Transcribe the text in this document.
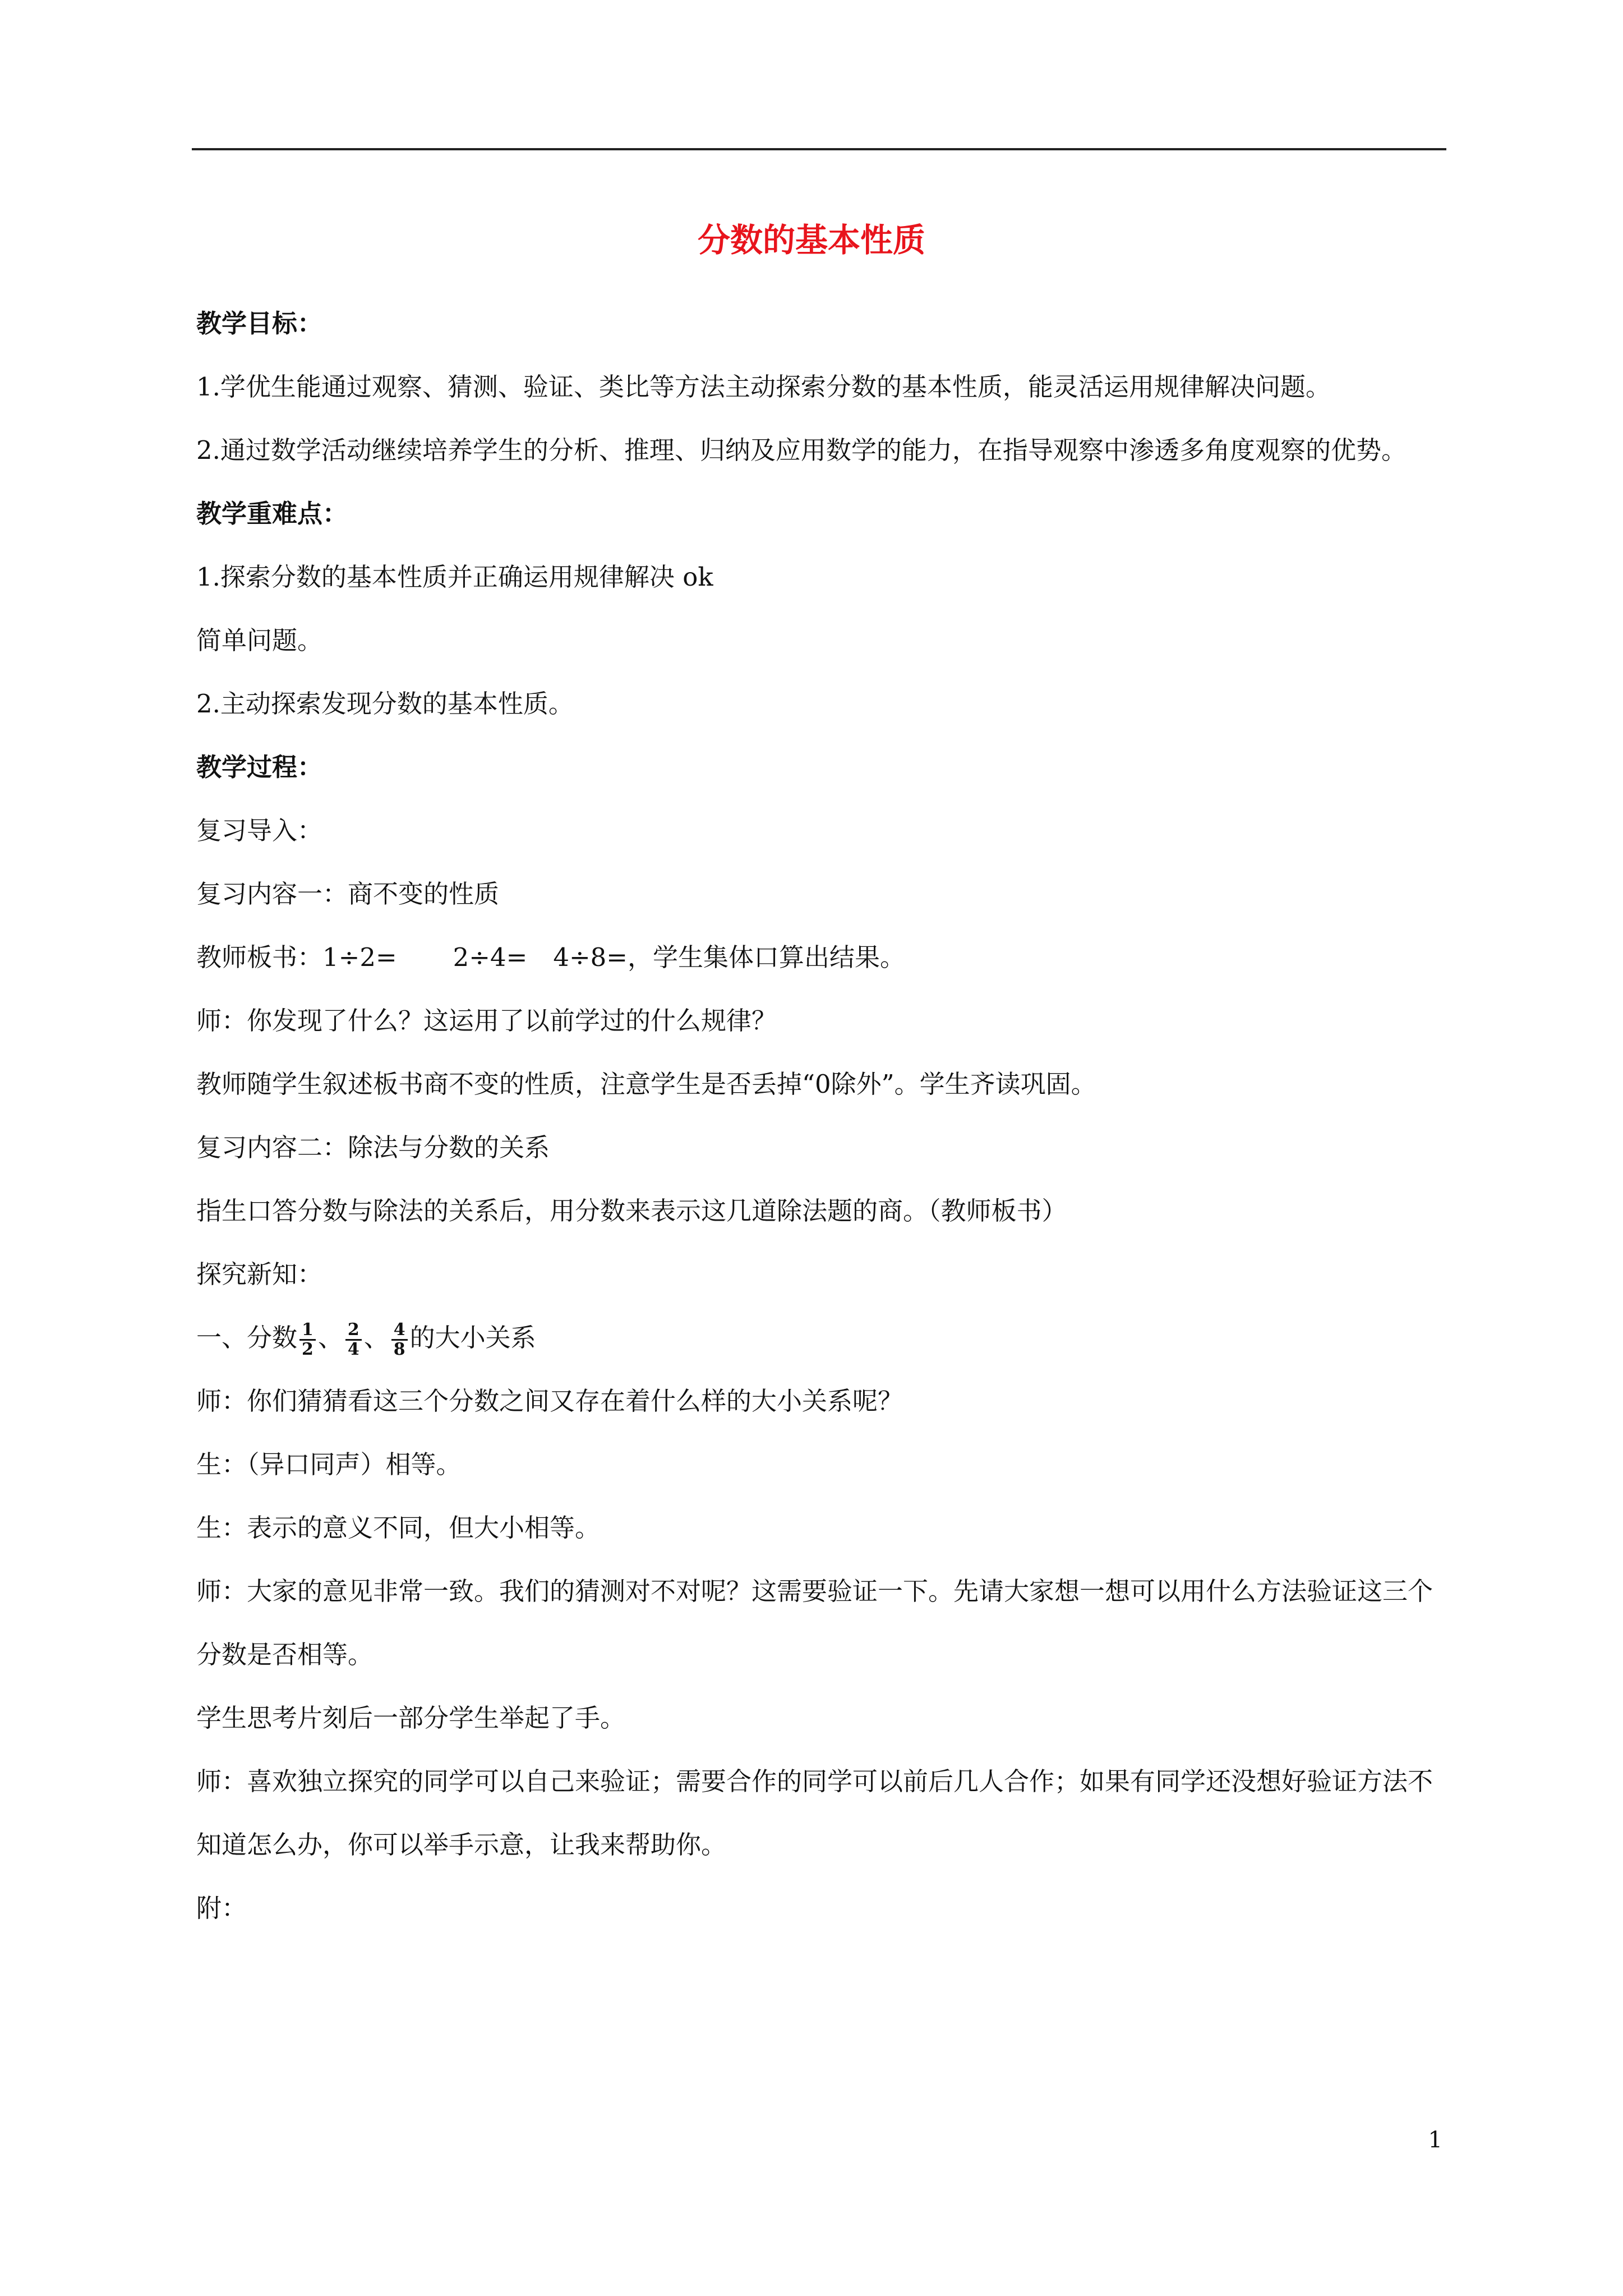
分数的基本性质

教学目标：

1.学优生能通过观察、猜测、验证、类比等方法主动探索分数的基本性质，能灵活运用规律解决问题。

2.通过数学活动继续培养学生的分析、推理、归纳及应用数学的能力，在指导观察中渗透多角度观察的优势。

教学重难点：

1.探索分数的基本性质并正确运用规律解决 ok

简单问题。

2.主动探索发现分数的基本性质。

教学过程：

复习导入：

复习内容一：商不变的性质

教师板书：1÷2= 2÷4= 4÷8=，学生集体口算出结果。

师：你发现了什么？这运用了以前学过的什么规律？

教师随学生叙述板书商不变的性质，注意学生是否丢掉“0除外”。学生齐读巩固。

复习内容二：除法与分数的关系

指生口答分数与除法的关系后，用分数来表示这几道除法题的商。（教师板书）

探究新知：

一、分数 $\frac{1}{2}$ 、 $\frac{2}{4}$ 、 $\frac{4}{8}$ 的大小关系

师：你们猜猜看这三个分数之间又存在着什么样的大小关系呢？

生：（异口同声）相等。

生：表示的意义不同，但大小相等。

师：大家的意见非常一致。我们的猜测对不对呢？这需要验证一下。先请大家想一想可以用什么方法验证这三个分数是否相等。

学生思考片刻后一部分学生举起了手。

师：喜欢独立探究的同学可以自己来验证；需要合作的同学可以前后几人合作；如果有同学还没想好验证方法不知道怎么办，你可以举手示意，让我来帮助你。

附：

1
